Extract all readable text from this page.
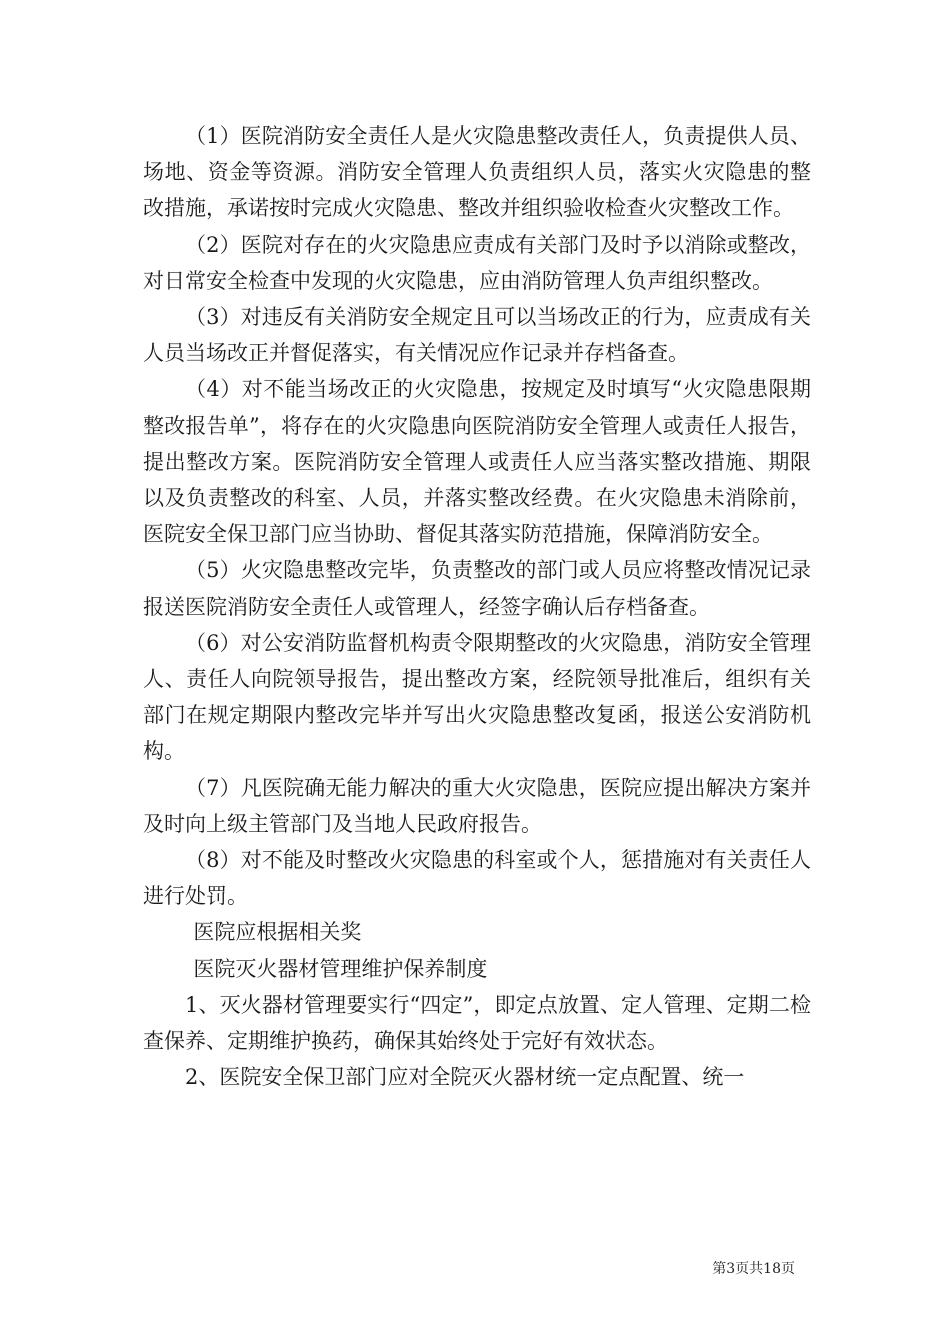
（1）医院消防安全责任人是火灾隐患整改责任人，负责提供人员、场地、资金等资源。消防安全管理人负责组织人员，落实火灾隐患的整改措施，承诺按时完成火灾隐患、整改并组织验收检查火灾整改工作。

（2）医院对存在的火灾隐患应责成有关部门及时予以消除或整改，对日常安全检查中发现的火灾隐患，应由消防管理人负声组织整改。

（3）对违反有关消防安全规定且可以当场改正的行为，应责成有关人员当场改正并督促落实，有关情况应作记录并存档备查。

（4）对不能当场改正的火灾隐患，按规定及时填写“火灾隐患限期整改报告单”，将存在的火灾隐患向医院消防安全管理人或责任人报告，提出整改方案。医院消防安全管理人或责任人应当落实整改措施、期限以及负责整改的科室、人员，并落实整改经费。在火灾隐患未消除前，医院安全保卫部门应当协助、督促其落实防范措施，保障消防安全。

（5）火灾隐患整改完毕，负责整改的部门或人员应将整改情况记录报送医院消防安全责任人或管理人，经签字确认后存档备查。

（6）对公安消防监督机构责令限期整改的火灾隐患，消防安全管理人、责任人向院领导报告，提出整改方案，经院领导批准后，组织有关部门在规定期限内整改完毕并写出火灾隐患整改复函，报送公安消防机构。

（7）凡医院确无能力解决的重大火灾隐患，医院应提出解决方案并及时向上级主管部门及当地人民政府报告。

（8）对不能及时整改火灾隐患的科室或个人，惩措施对有关责任人进行处罚。

医院应根据相关奖

医院灭火器材管理维护保养制度

1、灭火器材管理要实行“四定”，即定点放置、定人管理、定期二检查保养、定期维护换药，确保其始终处于完好有效状态。

2、医院安全保卫部门应对全院灭火器材统一定点配置、统一

第3页共18页
